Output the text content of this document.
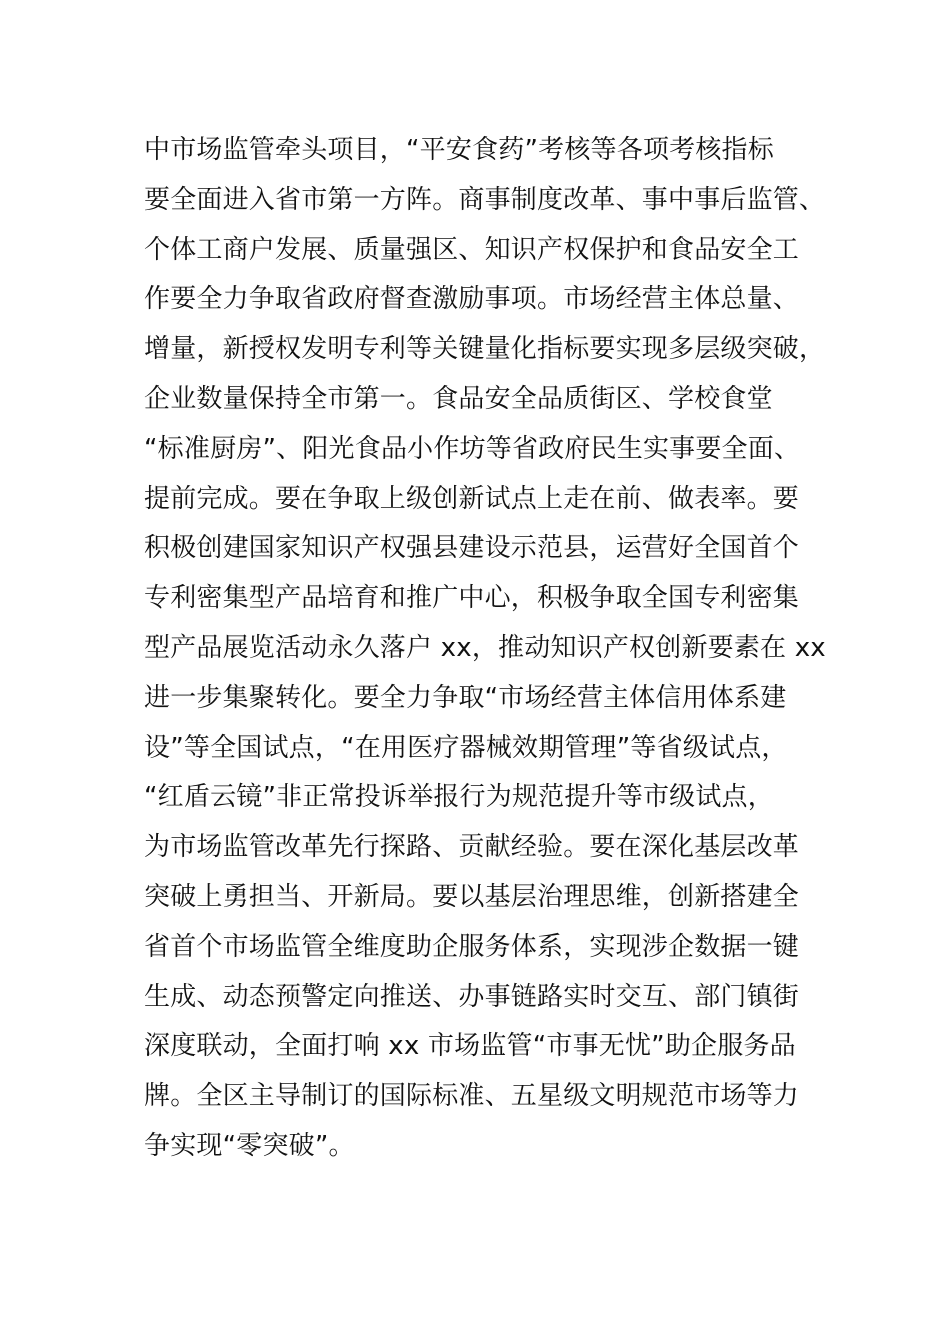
中市场监管牵头项目，“平安食药”考核等各项考核指标
要全面进入省市第一方阵。商事制度改革、事中事后监管、
个体工商户发展、质量强区、知识产权保护和食品安全工
作要全力争取省政府督查激励事项。市场经营主体总量、
增量，新授权发明专利等关键量化指标要实现多层级突破，
企业数量保持全市第一。食品安全品质街区、学校食堂
“标准厨房”、阳光食品小作坊等省政府民生实事要全面、
提前完成。要在争取上级创新试点上走在前、做表率。要
积极创建国家知识产权强县建设示范县，运营好全国首个
专利密集型产品培育和推广中心，积极争取全国专利密集
型产品展览活动永久落户 xx，推动知识产权创新要素在 xx
进一步集聚转化。要全力争取“市场经营主体信用体系建
设”等全国试点，“在用医疗器械效期管理”等省级试点，
“红盾云镜”非正常投诉举报行为规范提升等市级试点，
为市场监管改革先行探路、贡献经验。要在深化基层改革
突破上勇担当、开新局。要以基层治理思维，创新搭建全
省首个市场监管全维度助企服务体系，实现涉企数据一键
生成、动态预警定向推送、办事链路实时交互、部门镇街
深度联动，全面打响 xx 市场监管“市事无忧”助企服务品
牌。全区主导制订的国际标准、五星级文明规范市场等力
争实现“零突破”。
